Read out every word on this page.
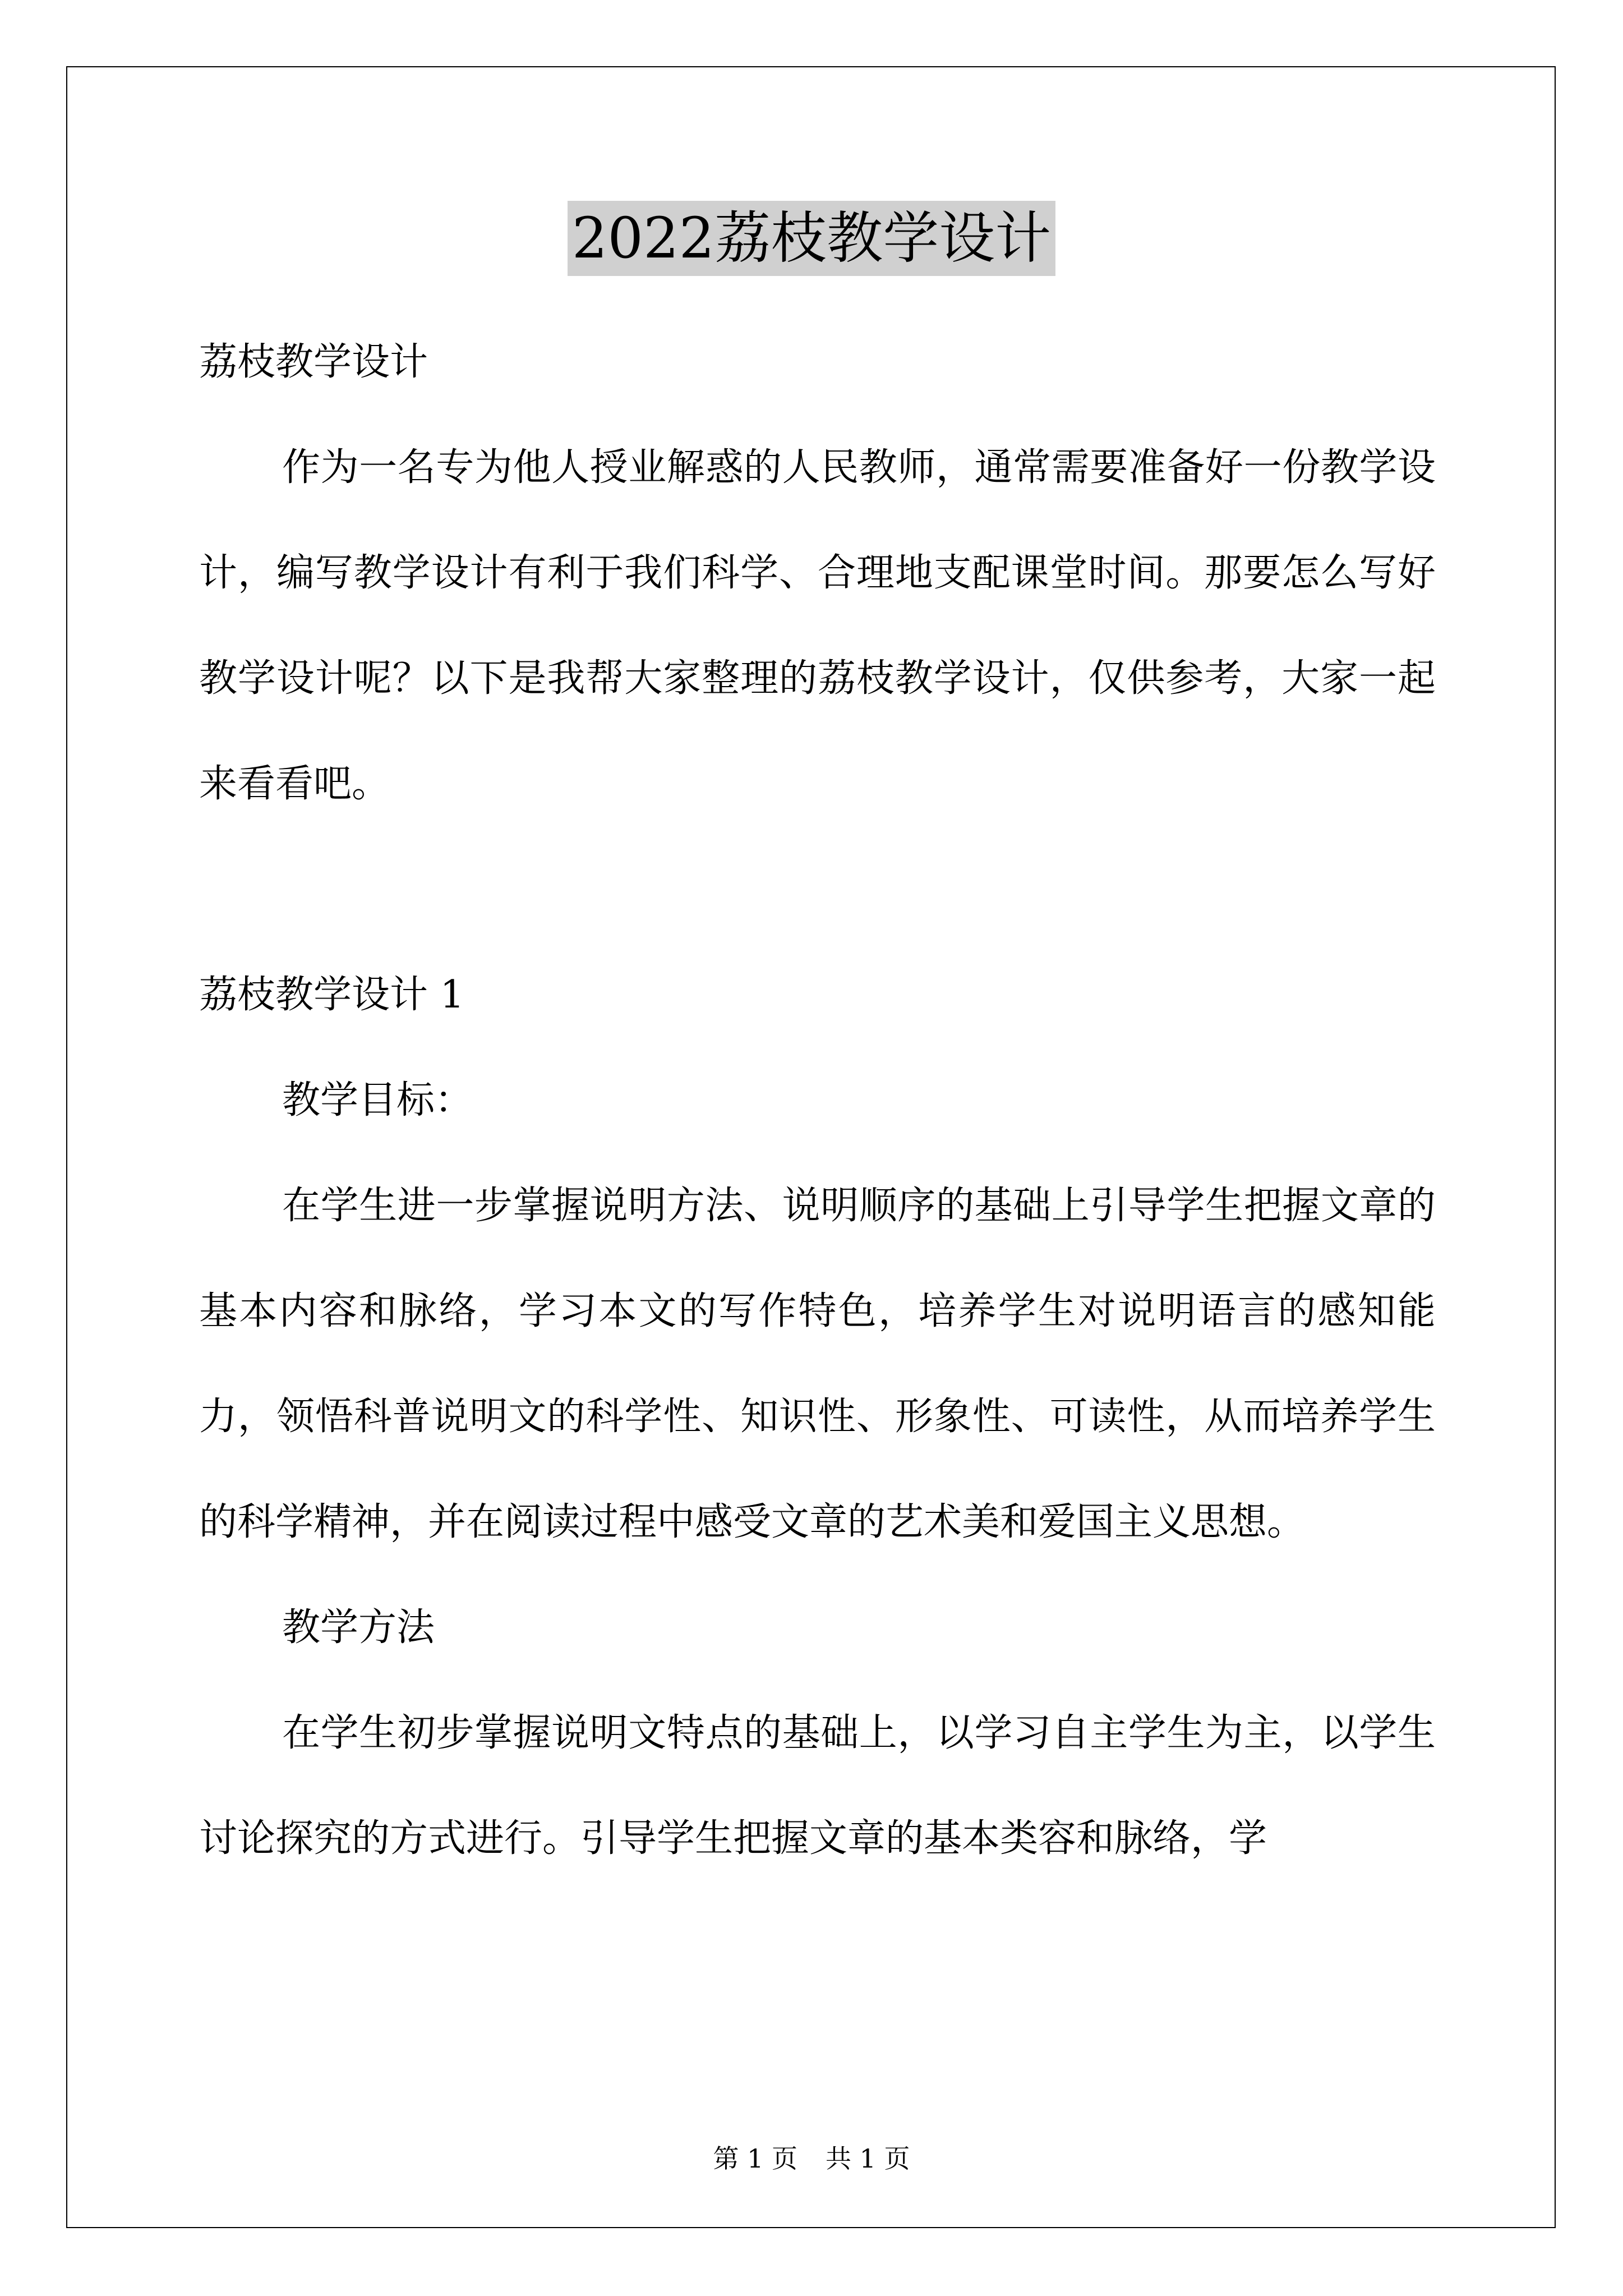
2022荔枝教学设计

荔枝教学设计

作为一名专为他人授业解惑的人民教师，通常需要准备好一份教学设计，编写教学设计有利于我们科学、合理地支配课堂时间。那要怎么写好教学设计呢？以下是我帮大家整理的荔枝教学设计，仅供参考，大家一起来看看吧。

荔枝教学设计 1

教学目标：

在学生进一步掌握说明方法、说明顺序的基础上引导学生把握文章的基本内容和脉络，学习本文的写作特色，培养学生对说明语言的感知能力，领悟科普说明文的科学性、知识性、形象性、可读性，从而培养学生的科学精神，并在阅读过程中感受文章的艺术美和爱国主义思想。

教学方法

在学生初步掌握说明文特点的基础上，以学习自主学生为主，以学生讨论探究的方式进行。引导学生把握文章的基本类容和脉络，学

第 1 页 共 1 页
